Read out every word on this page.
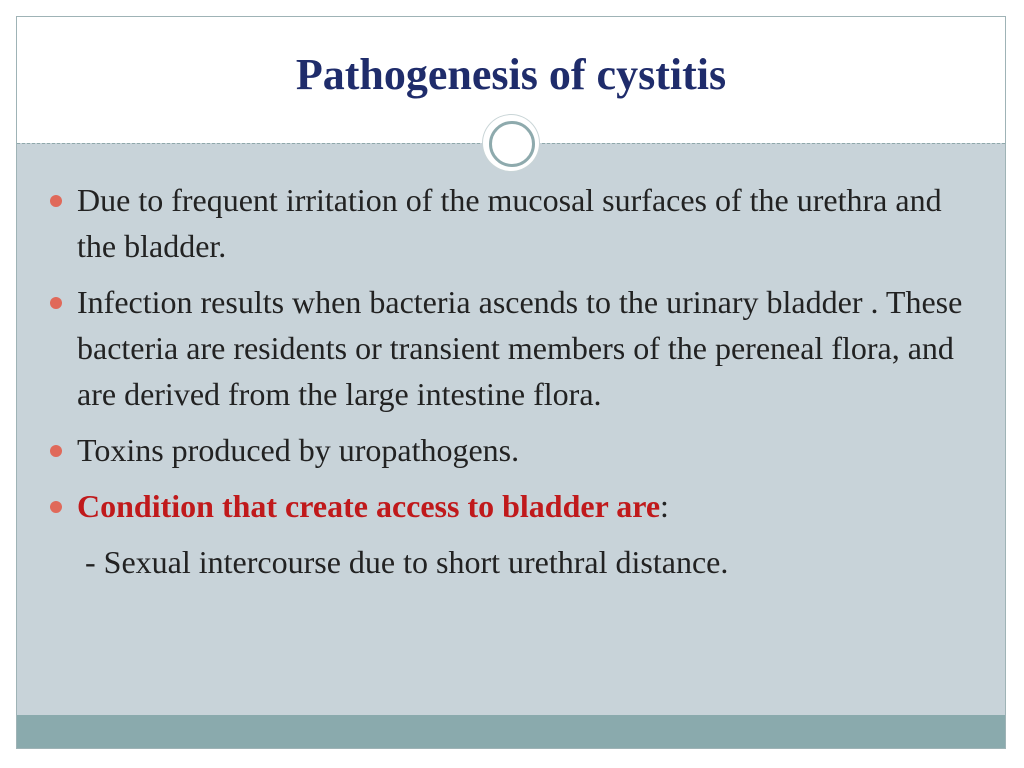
Pathogenesis of cystitis
Due to frequent irritation of the mucosal surfaces of the urethra and the bladder.
Infection results when bacteria ascends to the urinary bladder . These bacteria are residents or transient members of the pereneal flora, and are derived from the large intestine flora.
Toxins produced by uropathogens.
Condition that create access to bladder are:
- Sexual intercourse due to short urethral distance.
